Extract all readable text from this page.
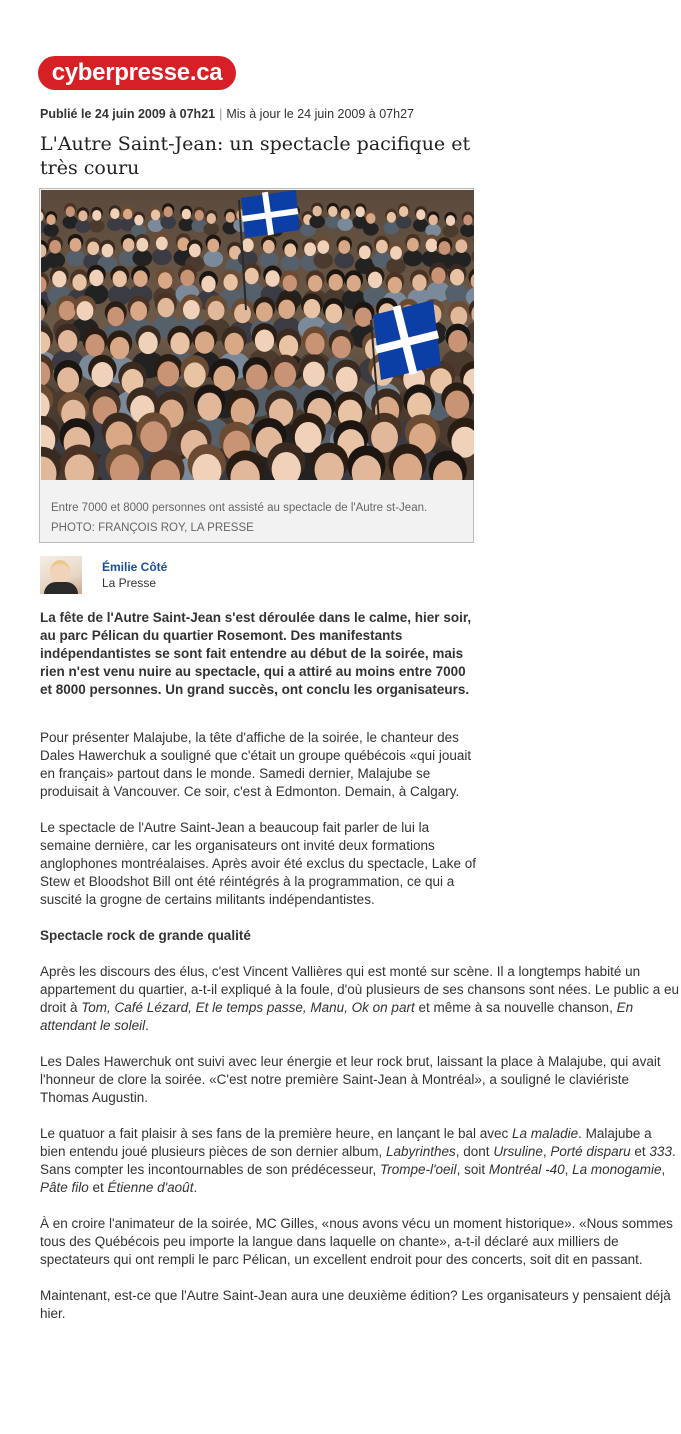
cyberpresse.ca
Publié le 24 juin 2009 à 07h21 | Mis à jour le 24 juin 2009 à 07h27
L'Autre Saint-Jean: un spectacle pacifique et très couru
Entre 7000 et 8000 personnes ont assisté au spectacle de l'Autre st-Jean.
PHOTO: FRANÇOIS ROY, LA PRESSE
Émilie Côté
La Presse

La fête de l'Autre Saint-Jean s'est déroulée dans le calme, hier soir, au parc Pélican du quartier Rosemont. Des manifestants indépendantistes se sont fait entendre au début de la soirée, mais rien n'est venu nuire au spectacle, qui a attiré au moins entre 7000 et 8000 personnes. Un grand succès, ont conclu les organisateurs.

Pour présenter Malajube, la tête d'affiche de la soirée, le chanteur des Dales Hawerchuk a souligné que c'était un groupe québécois «qui jouait en français» partout dans le monde. Samedi dernier, Malajube se produisait à Vancouver. Ce soir, c'est à Edmonton. Demain, à Calgary.

Le spectacle de l'Autre Saint-Jean a beaucoup fait parler de lui la semaine dernière, car les organisateurs ont invité deux formations anglophones montréalaises. Après avoir été exclus du spectacle, Lake of Stew et Bloodshot Bill ont été réintégrés à la programmation, ce qui a suscité la grogne de certains militants indépendantistes.

Spectacle rock de grande qualité

Après les discours des élus, c'est Vincent Vallières qui est monté sur scène. Il a longtemps habité un appartement du quartier, a-t-il expliqué à la foule, d'où plusieurs de ses chansons sont nées. Le public a eu droit à Tom, Café Lézard, Et le temps passe, Manu, Ok on part et même à sa nouvelle chanson, En attendant le soleil.

Les Dales Hawerchuk ont suivi avec leur énergie et leur rock brut, laissant la place à Malajube, qui avait l'honneur de clore la soirée. «C'est notre première Saint-Jean à Montréal», a souligné le claviériste Thomas Augustin.

Le quatuor a fait plaisir à ses fans de la première heure, en lançant le bal avec La maladie. Malajube a bien entendu joué plusieurs pièces de son dernier album, Labyrinthes, dont Ursuline, Porté disparu et 333. Sans compter les incontournables de son prédécesseur, Trompe-l'oeil, soit Montréal -40, La monogamie, Pâte filo et Étienne d'août.

À en croire l'animateur de la soirée, MC Gilles, «nous avons vécu un moment historique». «Nous sommes tous des Québécois peu importe la langue dans laquelle on chante», a-t-il déclaré aux milliers de spectateurs qui ont rempli le parc Pélican, un excellent endroit pour des concerts, soit dit en passant.

Maintenant, est-ce que l'Autre Saint-Jean aura une deuxième édition? Les organisateurs y pensaient déjà hier.
